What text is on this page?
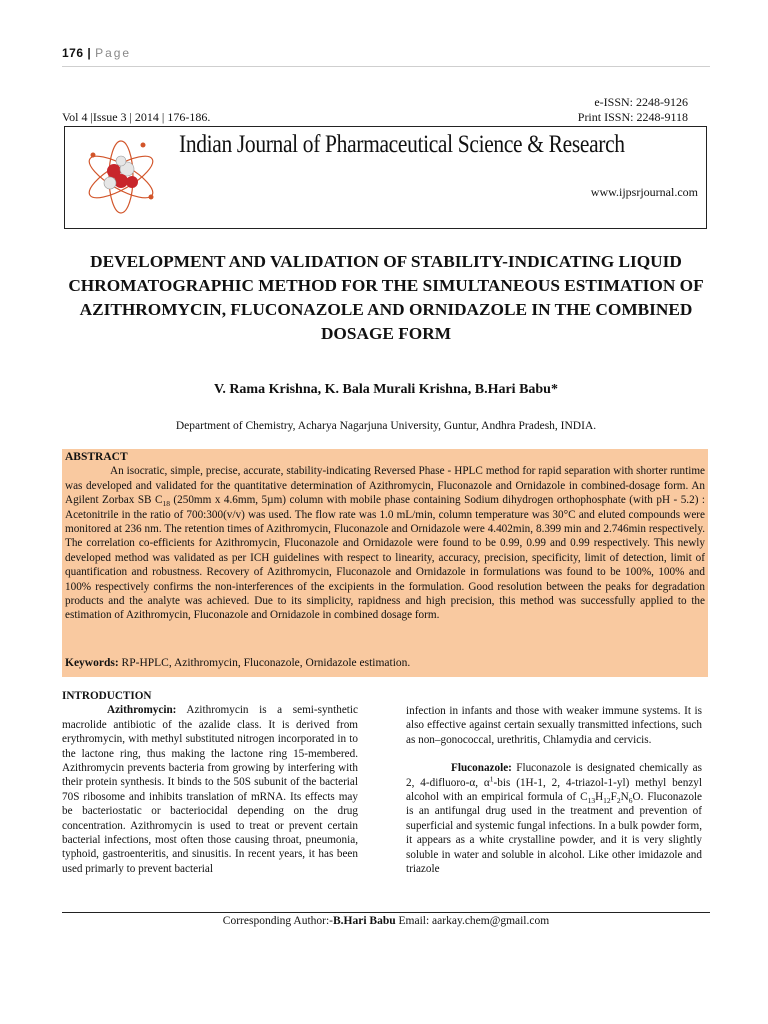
176 | Page
Vol 4 |Issue 3 | 2014 | 176-186.
e-ISSN: 2248-9126
Print ISSN: 2248-9118
Indian Journal of Pharmaceutical Science & Research
www.ijpsrjournal.com
DEVELOPMENT AND VALIDATION OF STABILITY-INDICATING LIQUID CHROMATOGRAPHIC METHOD FOR THE SIMULTANEOUS ESTIMATION OF AZITHROMYCIN, FLUCONAZOLE AND ORNIDAZOLE IN THE COMBINED DOSAGE FORM
V. Rama Krishna, K. Bala Murali Krishna, B.Hari Babu*
Department of Chemistry, Acharya Nagarjuna University, Guntur, Andhra Pradesh, INDIA.
ABSTRACT

An isocratic, simple, precise, accurate, stability-indicating Reversed Phase - HPLC method for rapid separation with shorter runtime was developed and validated for the quantitative determination of Azithromycin, Fluconazole and Ornidazole in combined-dosage form. An Agilent Zorbax SB $C_{18}$ (250mm x 4.6mm, 5µm) column with mobile phase containing Sodium dihydrogen orthophosphate (with pH - 5.2) : Acetonitrile in the ratio of 700:300(v/v) was used. The flow rate was 1.0 mL/min, column temperature was 30°C and eluted compounds were monitored at 236 nm. The retention times of Azithromycin, Fluconazole and Ornidazole were 4.402min, 8.399 min and 2.746min respectively. The correlation co-efficients for Azithromycin, Fluconazole and Ornidazole were found to be 0.99, 0.99 and 0.99 respectively. This newly developed method was validated as per ICH guidelines with respect to linearity, accuracy, precision, specificity, limit of detection, limit of quantification and robustness. Recovery of Azithromycin, Fluconazole and Ornidazole in formulations was found to be 100%, 100% and 100% respectively confirms the non-interferences of the excipients in the formulation. Good resolution between the peaks for degradation products and the analyte was achieved. Due to its simplicity, rapidness and high precision, this method was successfully applied to the estimation of Azithromycin, Fluconazole and Ornidazole in combined dosage form.

Keywords: RP-HPLC, Azithromycin, Fluconazole, Ornidazole estimation.
INTRODUCTION

Azithromycin: Azithromycin is a semi-synthetic macrolide antibiotic of the azalide class. It is derived from erythromycin, with methyl substituted nitrogen incorporated in to the lactone ring, thus making the lactone ring 15-membered. Azithromycin prevents bacteria from growing by interfering with their protein synthesis. It binds to the 50S subunit of the bacterial 70S ribosome and inhibits translation of mRNA. Its effects may be bacteriostatic or bacteriocidal depending on the drug concentration. Azithromycin is used to treat or prevent certain bacterial infections, most often those causing throat, pneumonia, typhoid, gastroenteritis, and sinusitis. In recent years, it has been used primarly to prevent bacterial

infection in infants and those with weaker immune systems. It is also effective against certain sexually transmitted infections, such as non–gonococcal, urethritis, Chlamydia and cervicis.

Fluconazole: Fluconazole is designated chemically as 2, 4-difluoro-α, $\alpha^1$-bis (1H-1, 2, 4-triazol-1-yl) methyl benzyl alcohol with an empirical formula of $C_{13}H_{12}F_2N_6O$. Fluconazole is an antifungal drug used in the treatment and prevention of superficial and systemic fungal infections. In a bulk powder form, it appears as a white crystalline powder, and it is very slightly soluble in water and soluble in alcohol. Like other imidazole and triazole

Corresponding Author:-B.Hari Babu Email: aarkay.chem@gmail.com
